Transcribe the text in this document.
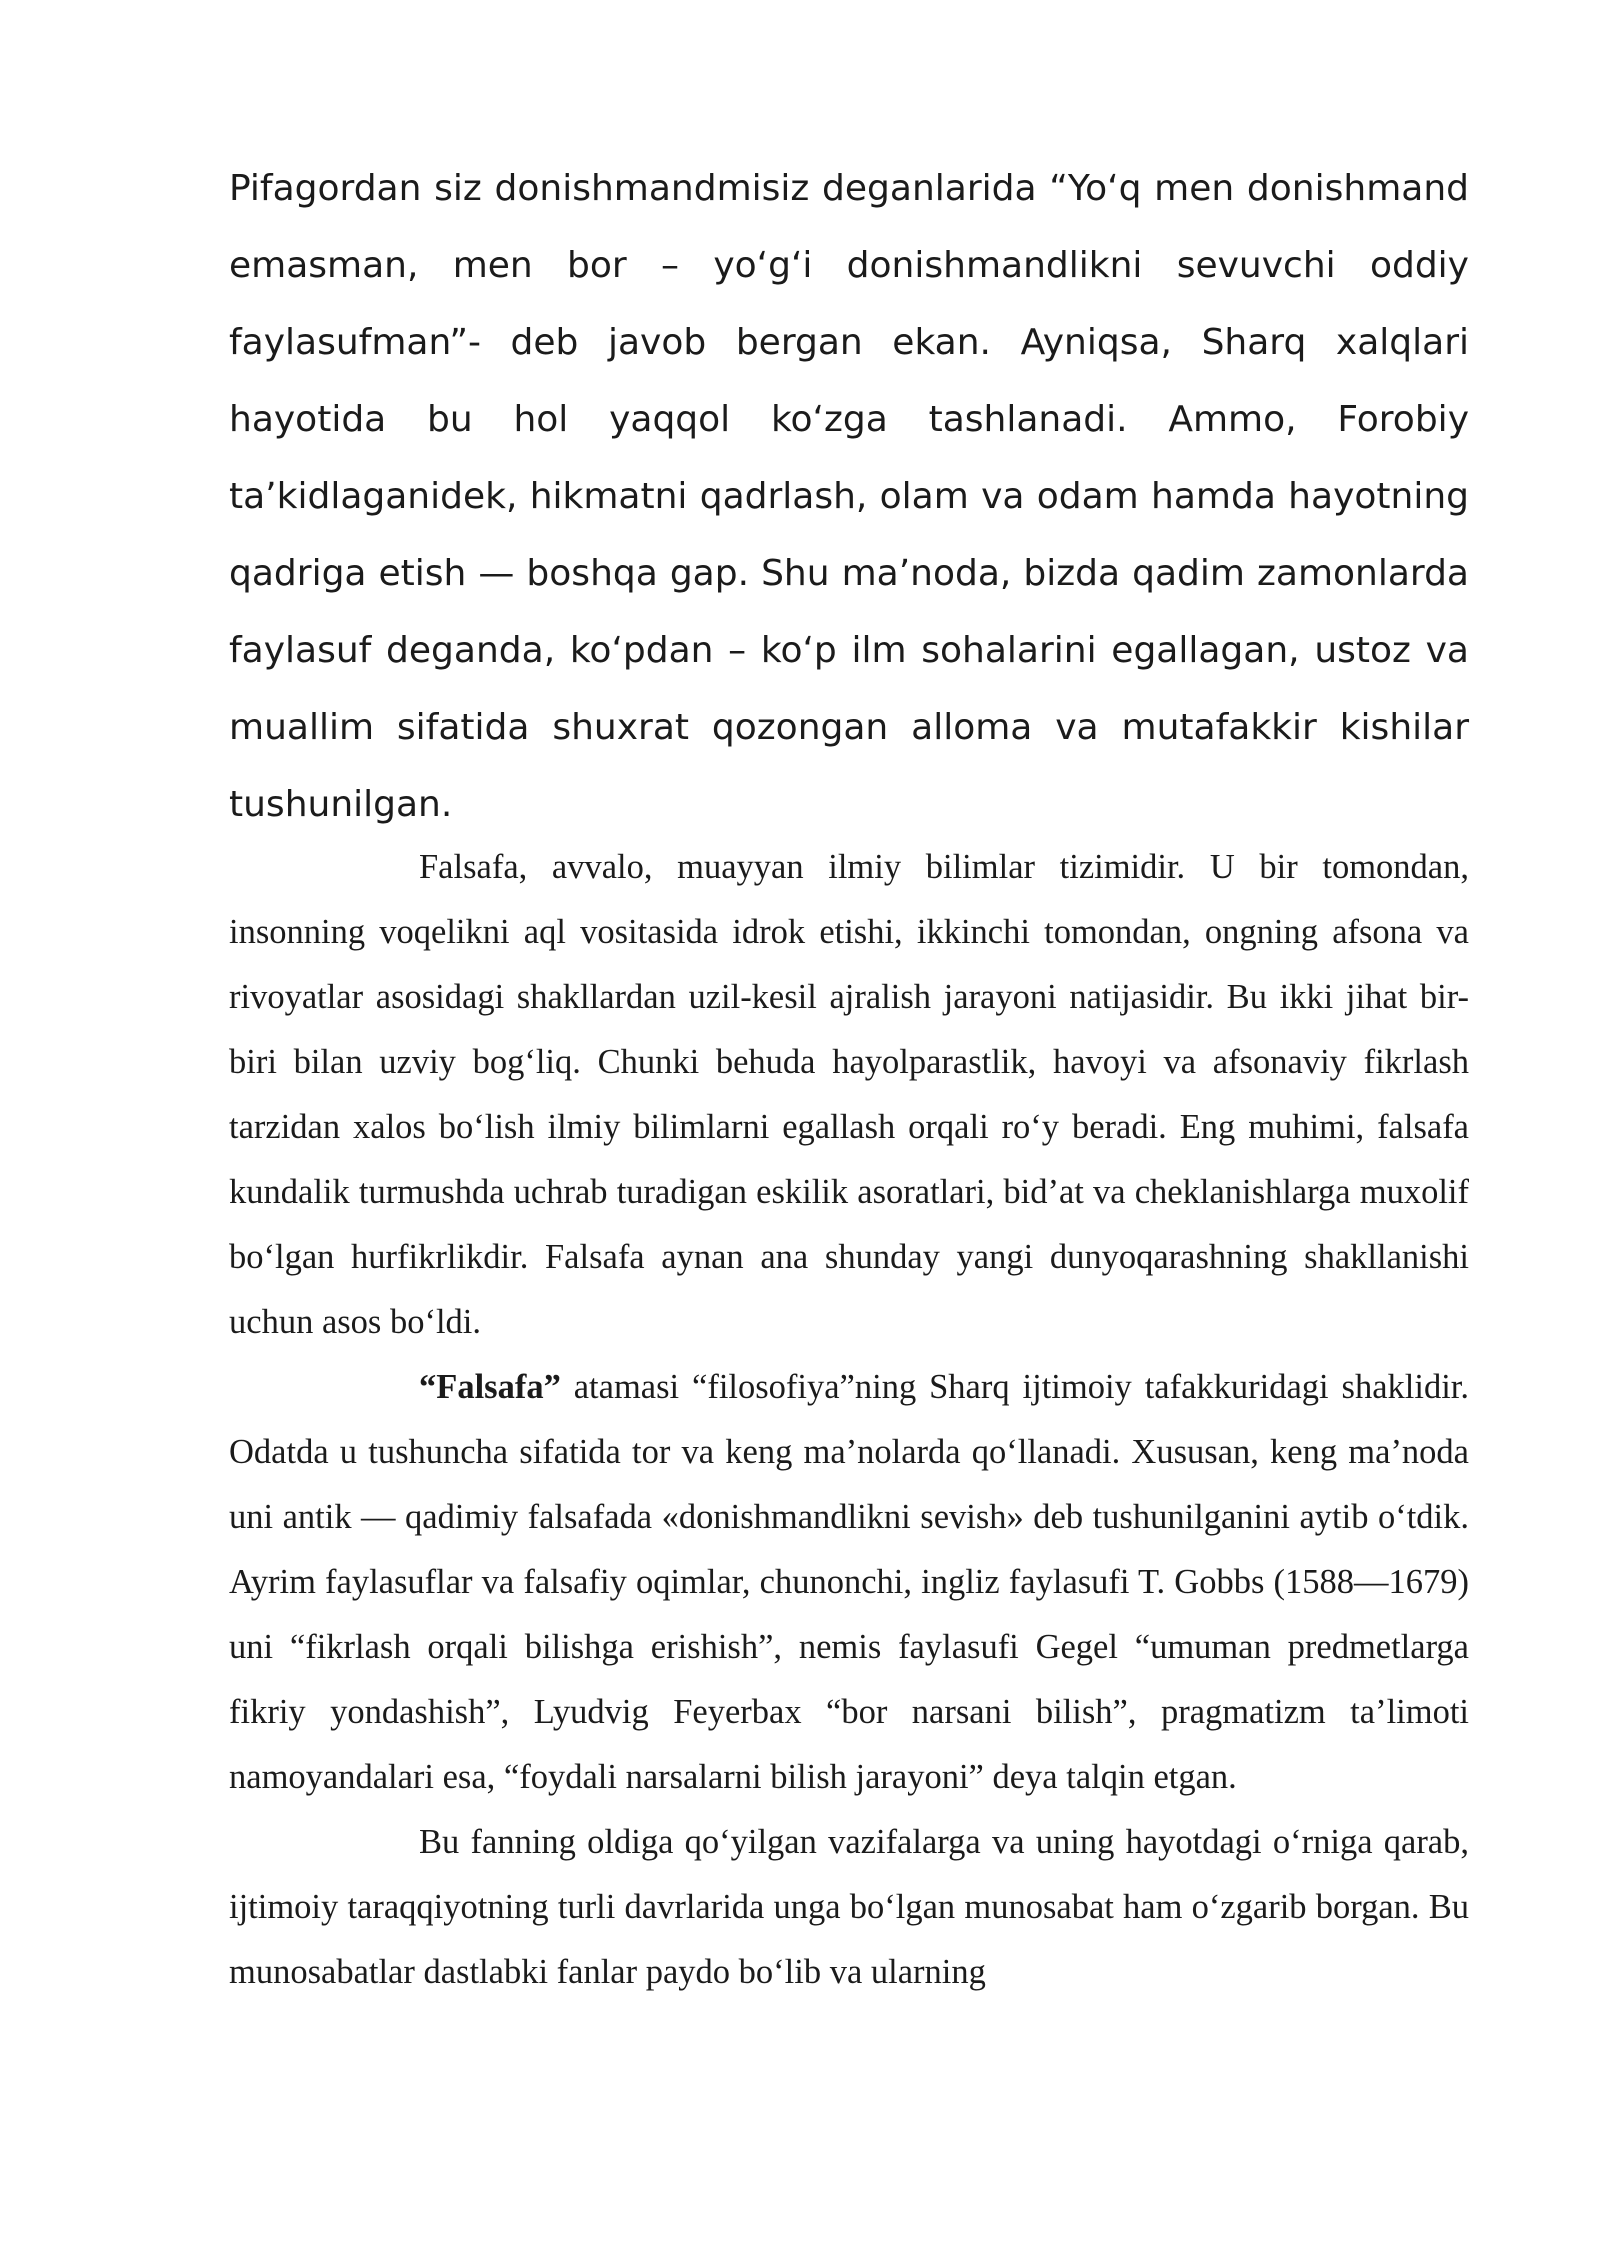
Pifagordan siz donishmandmisiz deganlarida “Yo‘q men donishmand emasman, men bor – yo‘g‘i donishmandlikni sevuvchi oddiy faylasufman”- deb javob bergan ekan. Ayniqsa, Sharq xalqlari hayotida bu hol yaqqol ko‘zga tashlanadi. Ammo, Forobiy ta’kidlaganidek, hikmatni qadrlash, olam va odam hamda hayotning qadriga etish — boshqa gap. Shu ma’noda, bizda qadim zamonlarda faylasuf deganda, ko‘pdan – ko‘p ilm sohalarini egallagan, ustoz va muallim sifatida shuxrat qozongan alloma va mutafakkir kishilar tushunilgan.

Falsafa, avvalo, muayyan ilmiy bilimlar tizimidir. U bir tomondan, insonning voqelikni aql vositasida idrok etishi, ikkinchi tomondan, ongning afsona va rivoyatlar asosidagi shakllardan uzil-kesil ajralish jarayoni natijasidir. Bu ikki jihat bir-biri bilan uzviy bog‘liq. Chunki behuda hayolparastlik, havoyi va afsonaviy fikrlash tarzidan xalos bo‘lish ilmiy bilimlarni egallash orqali ro‘y beradi. Eng muhimi, falsafa kundalik turmushda uchrab turadigan eskilik asoratlari, bid’at va cheklanishlarga muxolif bo‘lgan hurfikrlikdir. Falsafa aynan ana shunday yangi dunyoqarashning shakllanishi uchun asos bo‘ldi.

“Falsafa” atamasi “filosofiya”ning Sharq ijtimoiy tafakkuridagi shaklidir. Odatda u tushuncha sifatida tor va keng ma’nolarda qo‘llanadi. Xususan, keng ma’noda uni antik — qadimiy falsafada «donishmandlikni sevish» deb tushunilganini aytib o‘tdik. Ayrim faylasuflar va falsafiy oqimlar, chunonchi, ingliz faylasufi T. Gobbs (1588—1679) uni “fikrlash orqali bilishga erishish”, nemis faylasufi Gegel “umuman predmetlarga fikriy yondashish”, Lyudvig Feyerbax “bor narsani bilish”, pragmatizm ta’limoti namoyandalari esa, “foydali narsalarni bilish jarayoni” deya talqin etgan.

Bu fanning oldiga qo‘yilgan vazifalarga va uning hayotdagi o‘rniga qarab, ijtimoiy taraqqiyotning turli davrlarida unga bo‘lgan munosabat ham o‘zgarib borgan. Bu munosabatlar dastlabki fanlar paydo bo‘lib va ularning
